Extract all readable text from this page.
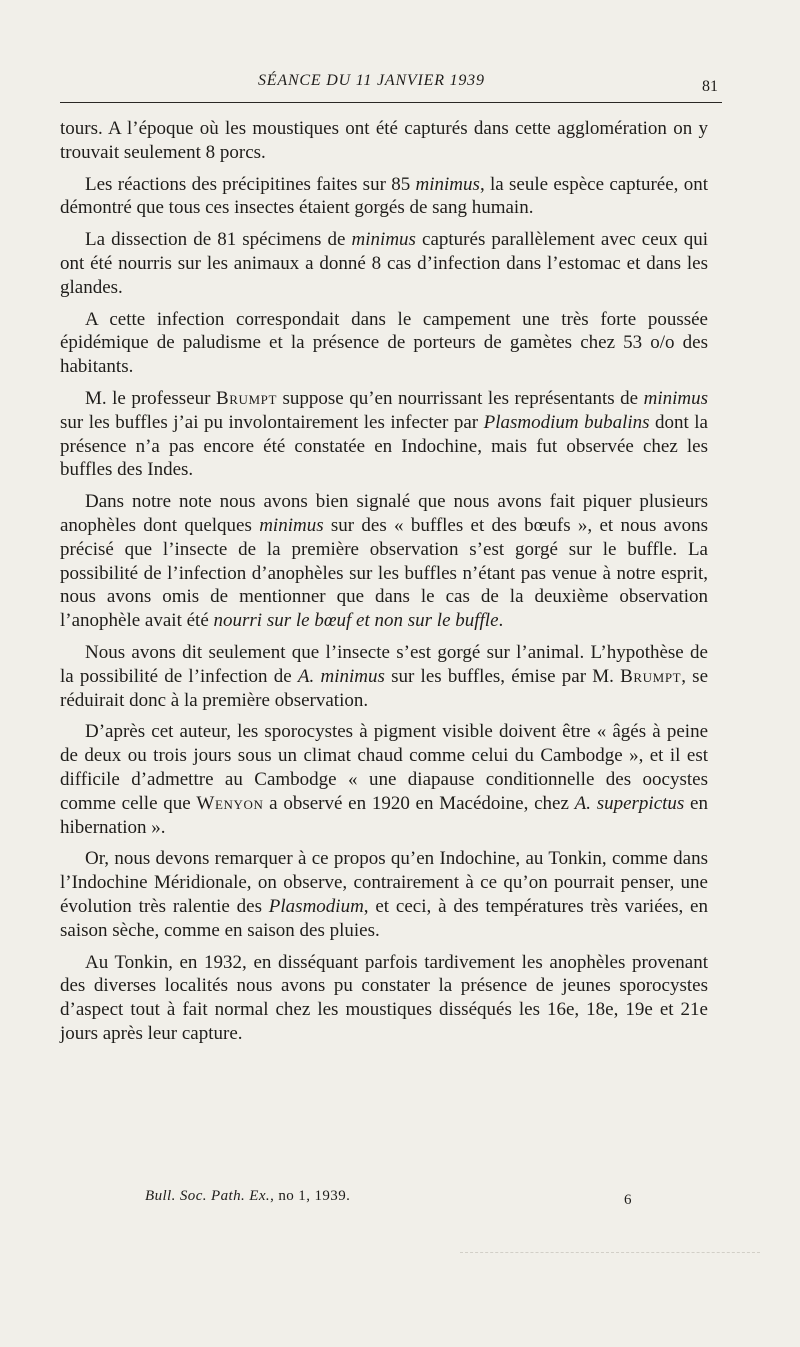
SÉANCE DU 11 JANVIER 1939	81

tours. A l’époque où les moustiques ont été capturés dans cette agglomération on y trouvait seulement 8 porcs.

Les réactions des précipitines faites sur 85 minimus, la seule espèce capturée, ont démontré que tous ces insectes étaient gorgés de sang humain.

La dissection de 81 spécimens de minimus capturés parallèlement avec ceux qui ont été nourris sur les animaux a donné 8 cas d’infection dans l’estomac et dans les glandes.

A cette infection correspondait dans le campement une très forte poussée épidémique de paludisme et la présence de porteurs de gamètes chez 53 o/o des habitants.

M. le professeur Brumpt suppose qu’en nourrissant les représentants de minimus sur les buffles j’ai pu involontairement les infecter par Plasmodium bubalins dont la présence n’a pas encore été constatée en Indochine, mais fut observée chez les buffles des Indes.

Dans notre note nous avons bien signalé que nous avons fait piquer plusieurs anophèles dont quelques minimus sur des « buffles et des bœufs », et nous avons précisé que l’insecte de la première observation s’est gorgé sur le buffle. La possibilité de l’infection d’anophèles sur les buffles n’étant pas venue à notre esprit, nous avons omis de mentionner que dans le cas de la deuxième observation l’anophèle avait été nourri sur le bœuf et non sur le buffle.

Nous avons dit seulement que l’insecte s’est gorgé sur l’animal. L’hypothèse de la possibilité de l’infection de A. minimus sur les buffles, émise par M. Brumpt, se réduirait donc à la première observation.

D’après cet auteur, les sporocystes à pigment visible doivent être « âgés à peine de deux ou trois jours sous un climat chaud comme celui du Cambodge », et il est difficile d’admettre au Cambodge « une diapause conditionnelle des oocystes comme celle que Wenyon a observé en 1920 en Macédoine, chez A. superpictus en hibernation ».

Or, nous devons remarquer à ce propos qu’en Indochine, au Tonkin, comme dans l’Indochine Méridionale, on observe, contrairement à ce qu’on pourrait penser, une évolution très ralentie des Plasmodium, et ceci, à des températures très variées, en saison sèche, comme en saison des pluies.

Au Tonkin, en 1932, en disséquant parfois tardivement les anophèles provenant des diverses localités nous avons pu constater la présence de jeunes sporocystes d’aspect tout à fait normal chez les moustiques disséqués les 16e, 18e, 19e et 21e jours après leur capture.

Bull. Soc. Path. Ex., no 1, 1939.	6
